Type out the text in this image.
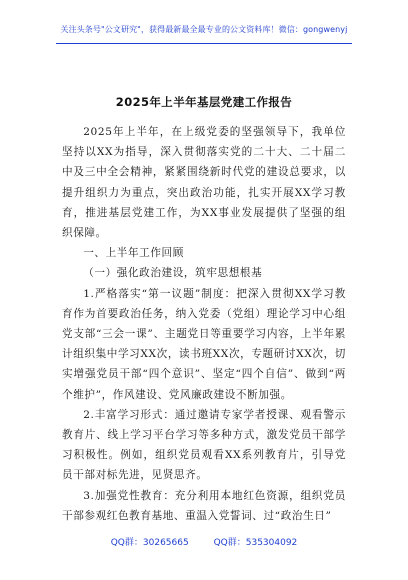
关注头条号"公文研究"，获得最新最全最专业的公文资料库！微信：gongwenyj
2025年上半年基层党建工作报告

2025年上半年，在上级党委的坚强领导下，我单位坚持以XX为指导，深入贯彻落实党的二十大、二十届二中及三中全会精神，紧紧围绕新时代党的建设总要求，以提升组织力为重点，突出政治功能，扎实开展XX学习教育，推进基层党建工作，为XX事业发展提供了坚强的组织保障。

一、上半年工作回顾

（一）强化政治建设，筑牢思想根基

1.严格落实“第一议题”制度：把深入贯彻XX学习教育作为首要政治任务，纳入党委（党组）理论学习中心组党支部“三会一课”、主题党日等重要学习内容，上半年累计组织集中学习XX次，读书班XX次，专题研讨XX次，切实增强党员干部“四个意识”、坚定“四个自信”、做到“两个维护”，作风建设、党风廉政建设不断加强。

2.丰富学习形式：通过邀请专家学者授课、观看警示教育片、线上学习平台学习等多种方式，激发党员干部学习积极性。例如，组织党员观看XX系列教育片，引导党员干部对标先进，见贤思齐。

3.加强党性教育：充分利用本地红色资源，组织党员干部参观红色教育基地、重温入党誓词、过“政治生日”

QQ群：30265665	QQ群：535304092
